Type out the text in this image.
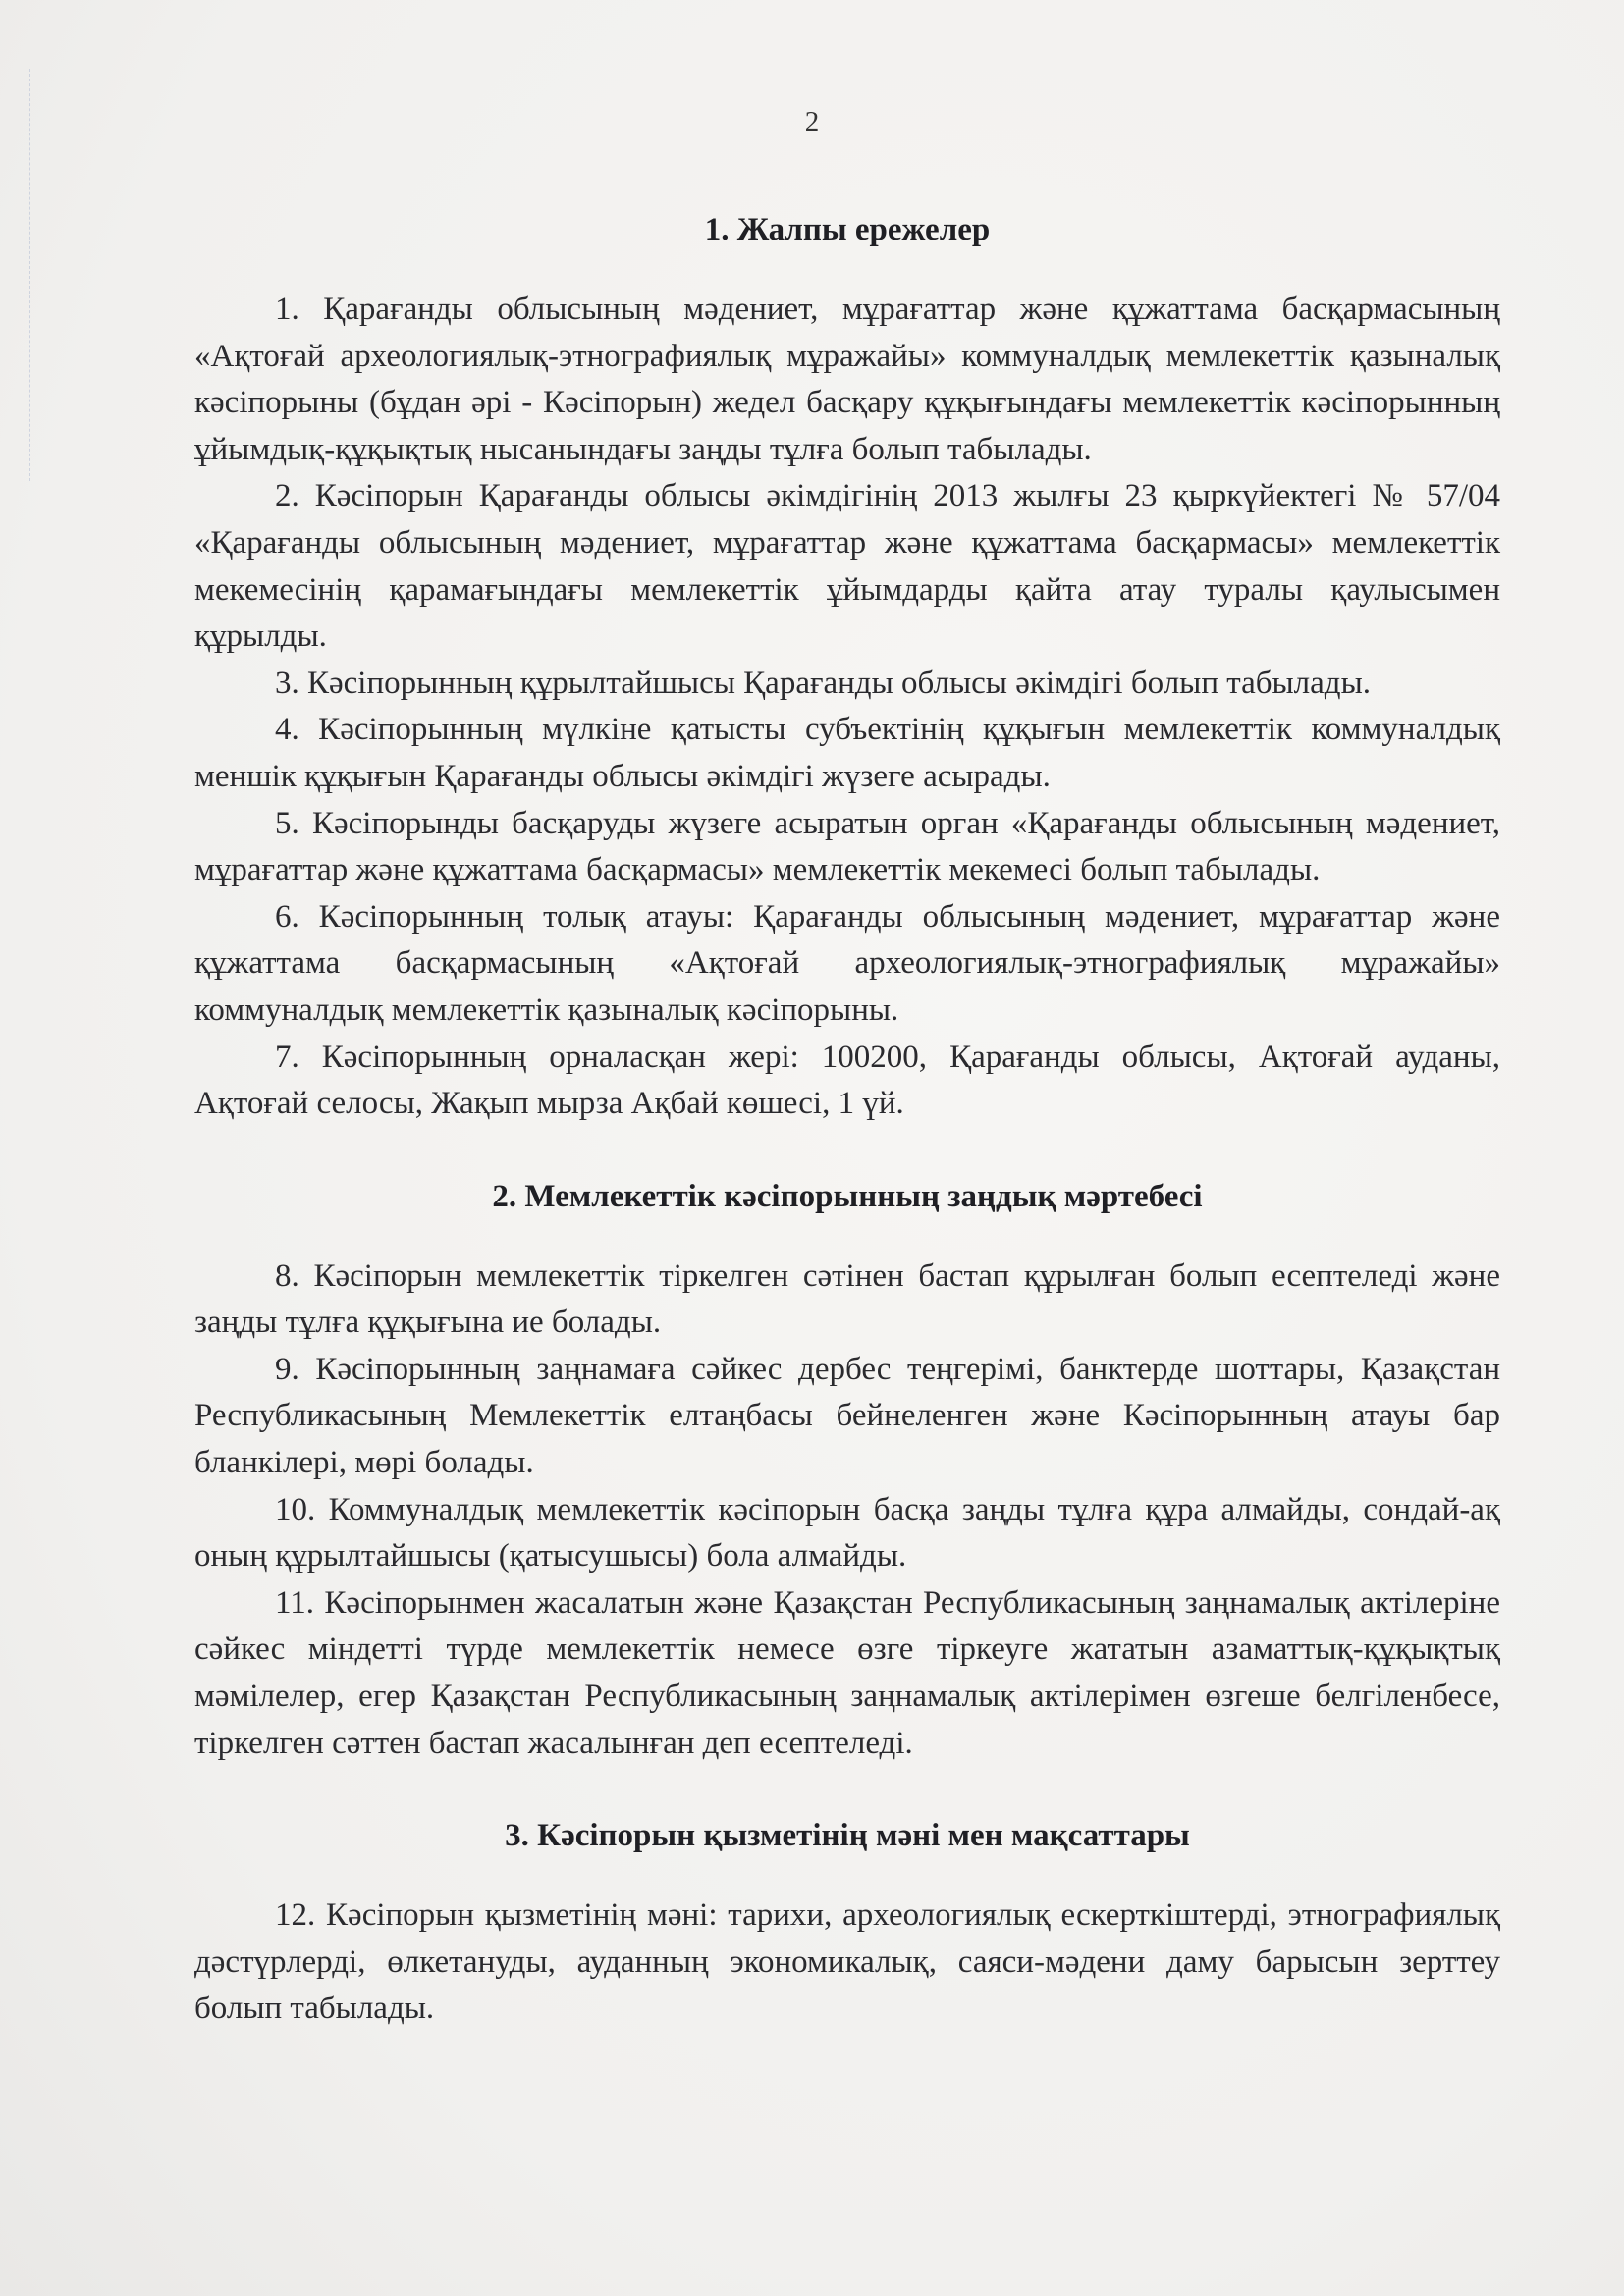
2
1. Жалпы ережелер

1. Қарағанды облысының мәдениет, мұрағаттар және құжаттама басқармасының «Ақтоғай археологиялық-этнографиялық мұражайы» коммуналдық мемлекеттік қазыналық кәсіпорыны (бұдан әрі - Кәсіпорын) жедел басқару құқығындағы мемлекеттік кәсіпорынның ұйымдық-құқықтық нысанындағы заңды тұлға болып табылады.

2. Кәсіпорын Қарағанды облысы әкімдігінің 2013 жылғы 23 қыркүйектегі № 57/04 «Қарағанды облысының мәдениет, мұрағаттар және құжаттама басқармасы» мемлекеттік мекемесінің қарамағындағы мемлекеттік ұйымдарды қайта атау туралы қаулысымен құрылды.

3. Кәсіпорынның құрылтайшысы Қарағанды облысы әкімдігі болып табылады.

4. Кәсіпорынның мүлкіне қатысты субъектінің құқығын мемлекеттік коммуналдық меншік құқығын Қарағанды облысы әкімдігі жүзеге асырады.

5. Кәсіпорынды басқаруды жүзеге асыратын орган «Қарағанды облысының мәдениет, мұрағаттар және құжаттама басқармасы» мемлекеттік мекемесі болып табылады.

6. Кәсіпорынның толық атауы: Қарағанды облысының мәдениет, мұрағаттар және құжаттама басқармасының «Ақтоғай археологиялық-этнографиялық мұражайы» коммуналдық мемлекеттік қазыналық кәсіпорыны.

7. Кәсіпорынның орналасқан жері: 100200, Қарағанды облысы, Ақтоғай ауданы, Ақтоғай селосы, Жақып мырза Ақбай көшесі, 1 үй.

2. Мемлекеттік кәсіпорынның заңдық мәртебесі

8. Кәсіпорын мемлекеттік тіркелген сәтінен бастап құрылған болып есептеледі және заңды тұлға құқығына ие болады.

9. Кәсіпорынның заңнамаға сәйкес дербес теңгерімі, банктерде шоттары, Қазақстан Республикасының Мемлекеттік елтаңбасы бейнеленген және Кәсіпорынның атауы бар бланкілері, мөрі болады.

10. Коммуналдық мемлекеттік кәсіпорын басқа заңды тұлға құра алмайды, сондай-ақ оның құрылтайшысы (қатысушысы) бола алмайды.

11. Кәсіпорынмен жасалатын және Қазақстан Республикасының заңнамалық актілеріне сәйкес міндетті түрде мемлекеттік немесе өзге тіркеуге жататын азаматтық-құқықтық мәмілелер, егер Қазақстан Республикасының заңнамалық актілерімен өзгеше белгіленбесе, тіркелген сәттен бастап жасалынған деп есептеледі.

3. Кәсіпорын қызметінің мәні мен мақсаттары

12. Кәсіпорын қызметінің мәні: тарихи, археологиялық ескерткіштерді, этнографиялық дәстүрлерді, өлкетануды, ауданның экономикалық, саяси-мәдени даму барысын зерттеу болып табылады.
